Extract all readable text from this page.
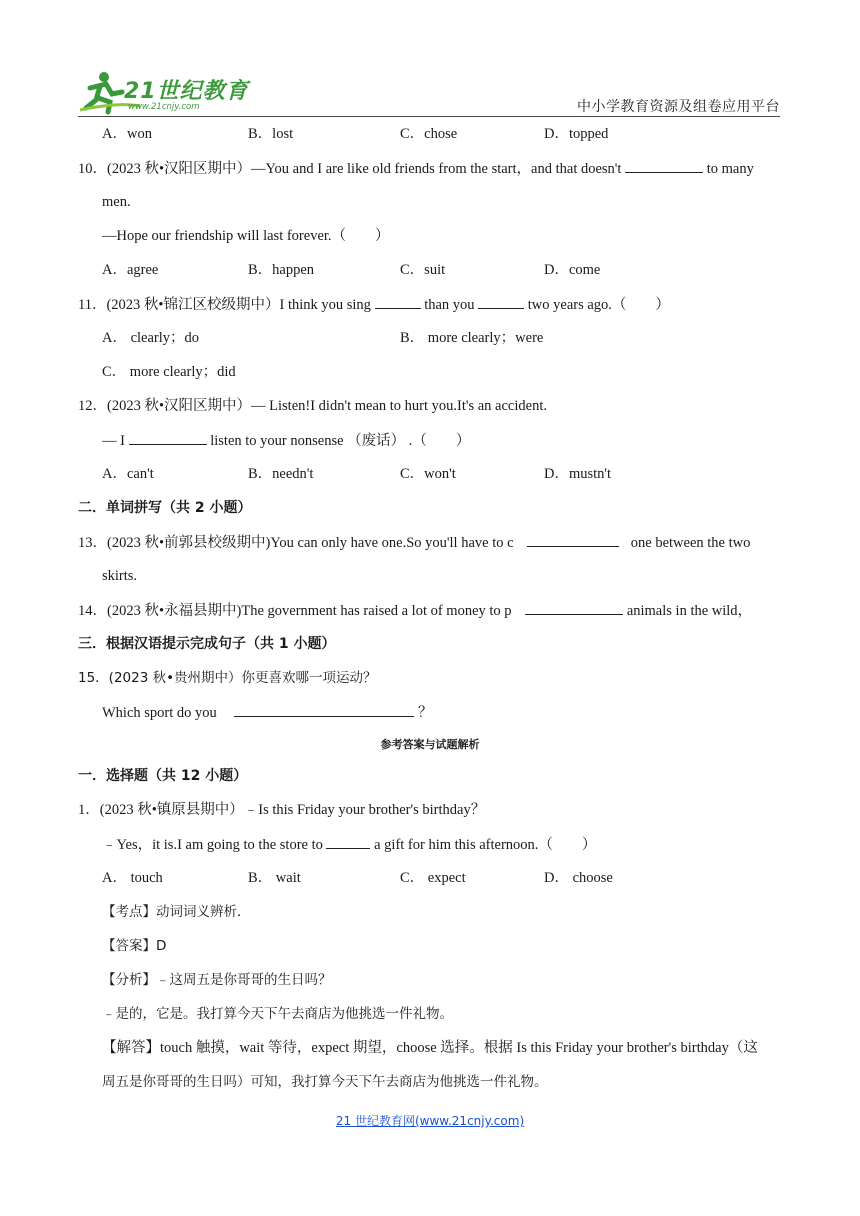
21世纪教育
www.21cnjy.com	中小学教育资源及组卷应用平台
A．won	B．lost	C．chose	D．topped
10．(2023 秋•汉阳区期中）—You and I are like old friends from the start，and that doesn't	to many
men.
—Hope our friendship will last forever.（　　）
A．agree	B．happen	C．suit	D．come
11．(2023 秋•锦江区校级期中）I think you sing	than you	two years ago.（　　）
A． clearly；do	B． more clearly；were
C． more clearly；did
12．(2023 秋•汉阳区期中）— Listen!I didn't mean to hurt you.It's an accident.
— I	listen to your nonsense （废话） .（　　）
A．can't	B．needn't	C．won't	D．mustn't
二．单词拼写（共 2 小题）
13．(2023 秋•前郭县校级期中)You can only have one.So you'll have to c	one between the two
skirts.
14．(2023 秋•永福县期中)The government has raised a lot of money to p	animals in the wild，
三．根据汉语提示完成句子（共 1 小题）
15．(2023 秋•贵州期中）你更喜欢哪一项运动？
Which sport do you	？
参考答案与试题解析
一．选择题（共 12 小题）
1．(2023 秋•镇原县期中）﹣Is this Friday your brother's birthday？
﹣Yes，it is.I am going to the store to	a gift for him this afternoon.（　　）
A． touch	B． wait	C． expect	D． choose
【考点】动词词义辨析．
【答案】D
【分析】﹣这周五是你哥哥的生日吗？
﹣是的，它是。我打算今天下午去商店为他挑选一件礼物。
【解答】touch 触摸，wait 等待，expect 期望，choose 选择。根据 Is this Friday your brother's birthday（这
周五是你哥哥的生日吗）可知，我打算今天下午去商店为他挑选一件礼物。
21 世纪教育网(www.21cnjy.com)
